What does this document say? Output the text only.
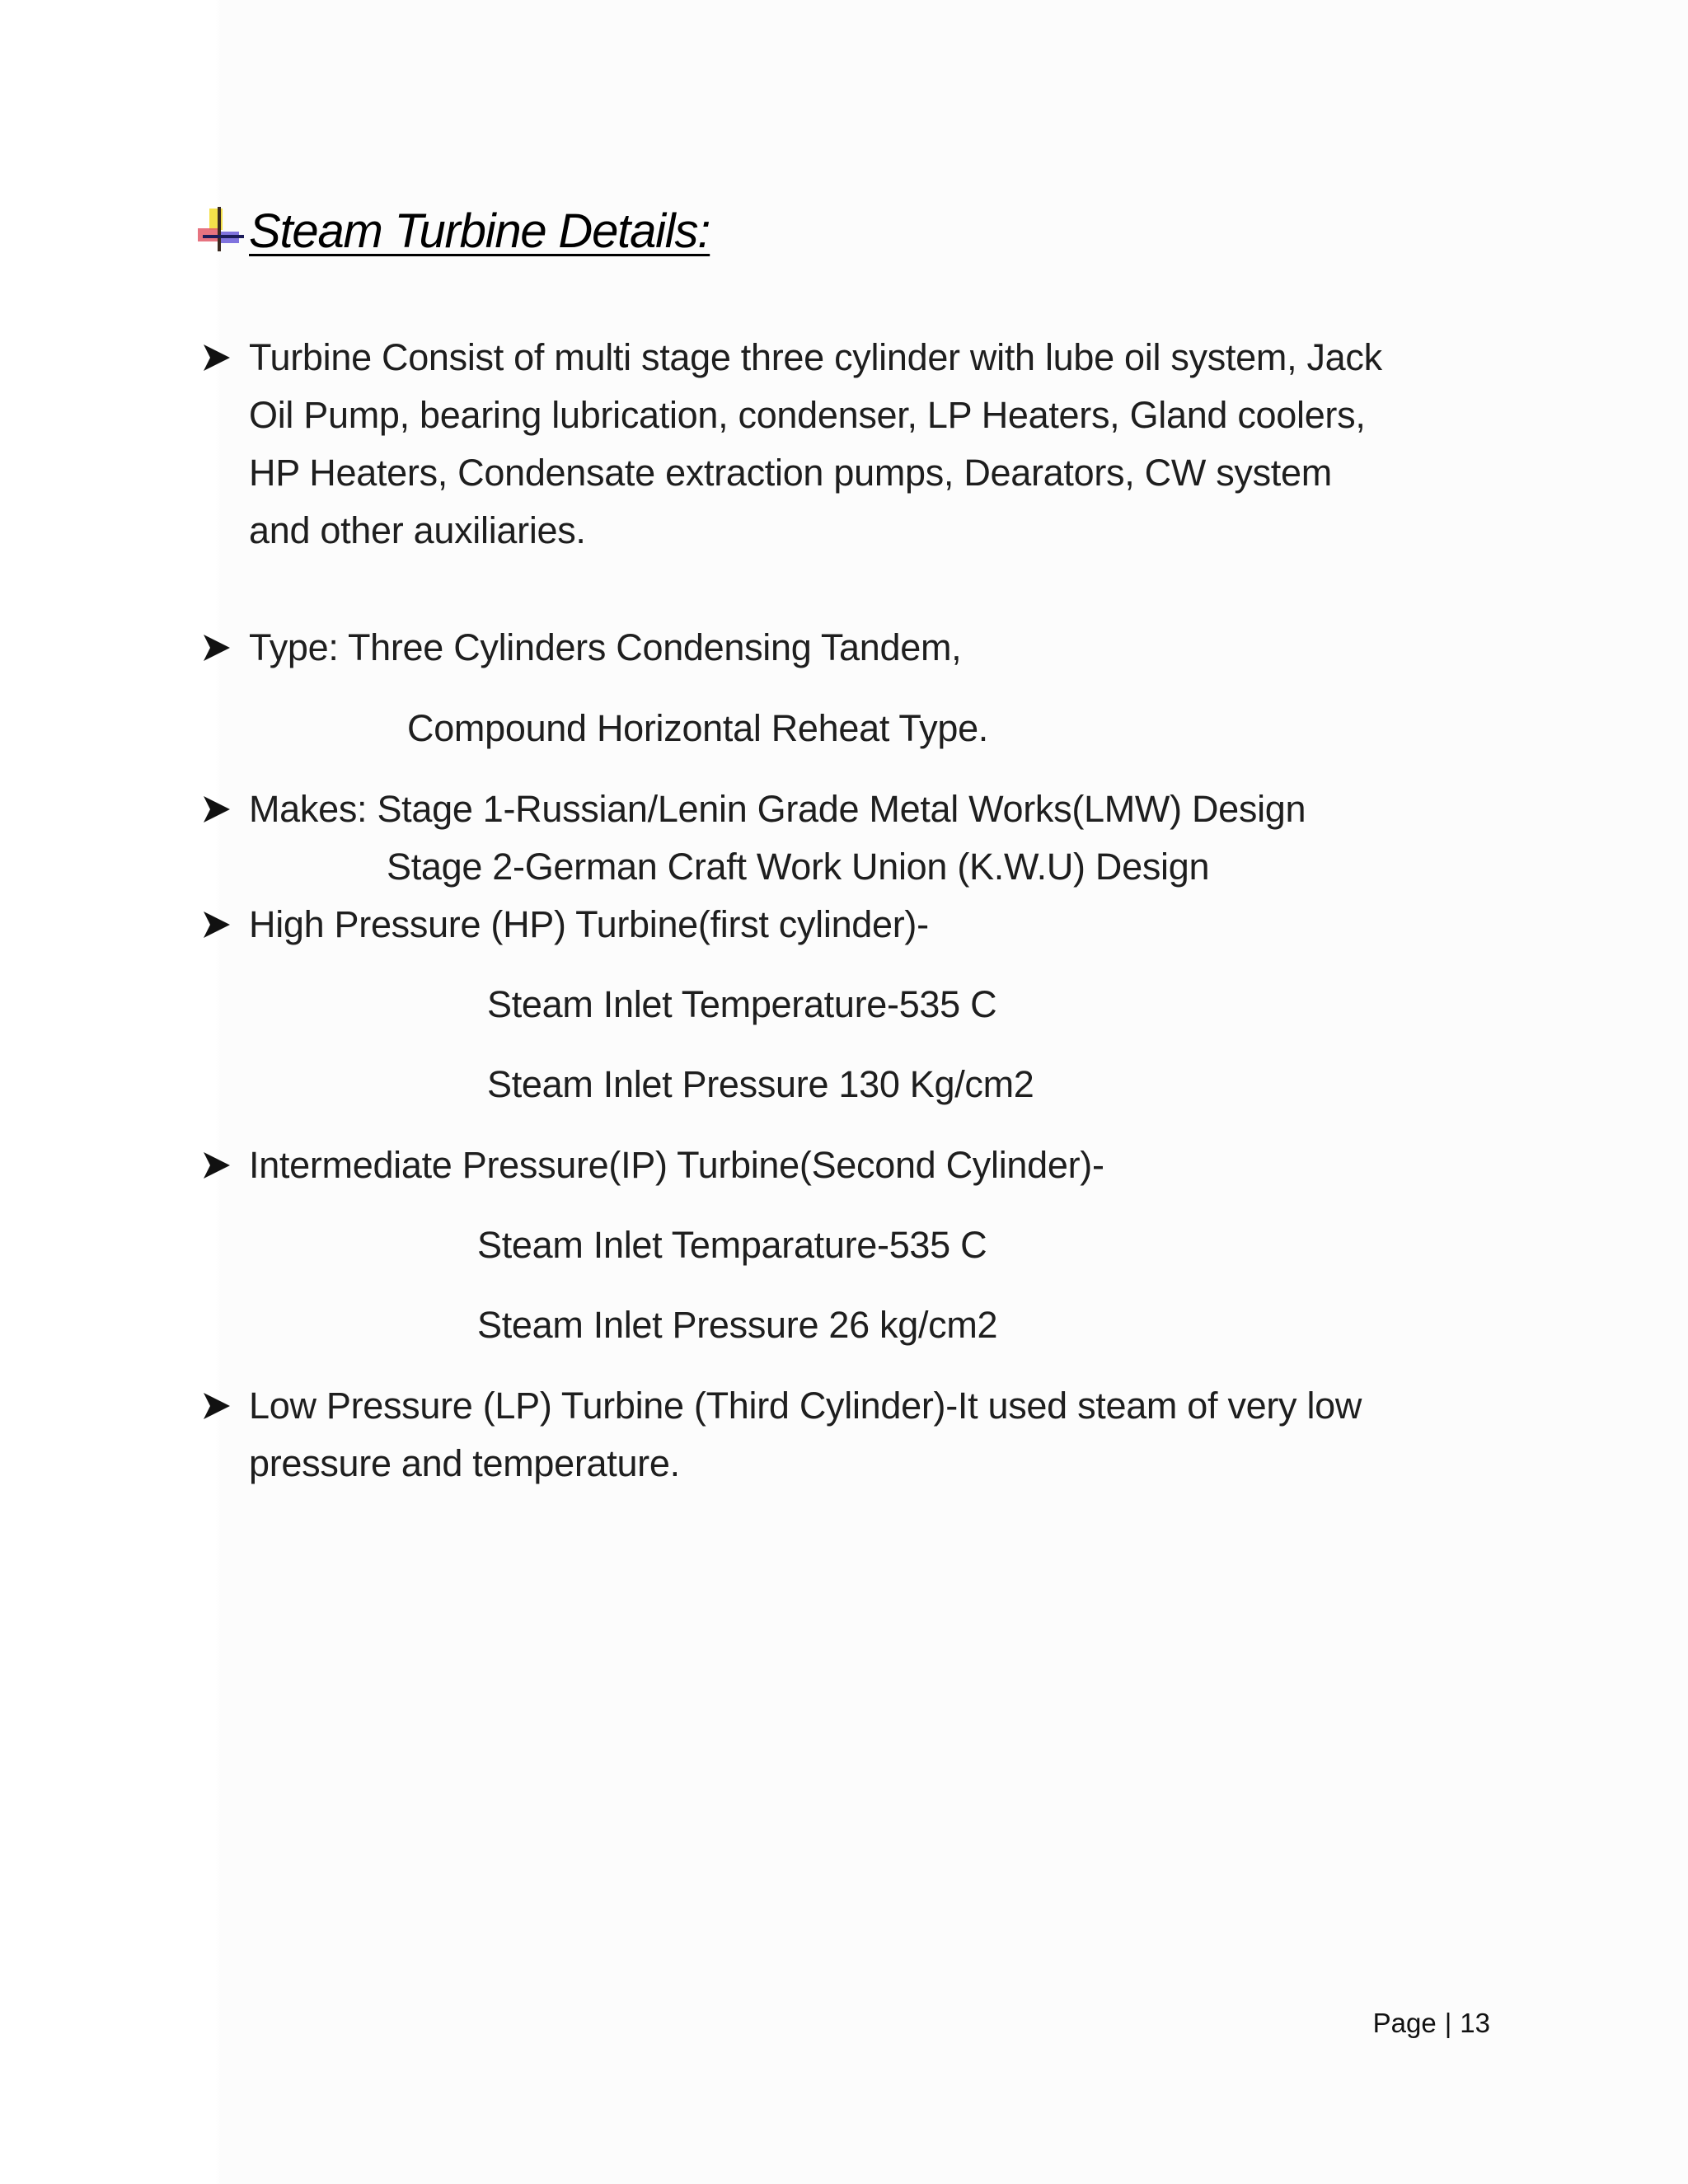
Steam Turbine Details:
Turbine Consist of multi stage three cylinder with lube oil system, Jack
Oil Pump, bearing lubrication, condenser, LP Heaters, Gland coolers,
HP Heaters, Condensate extraction pumps, Dearators, CW system
and other auxiliaries.
Type: Three Cylinders Condensing Tandem,
Compound Horizontal Reheat Type.
Makes: Stage 1-Russian/Lenin Grade Metal Works(LMW) Design
Stage 2-German Craft Work Union (K.W.U) Design
High Pressure (HP) Turbine(first cylinder)-
Steam Inlet Temperature-535 C
Steam Inlet Pressure 130 Kg/cm2
Intermediate Pressure(IP) Turbine(Second Cylinder)-
Steam Inlet Temparature-535 C
Steam Inlet Pressure 26 kg/cm2
Low Pressure (LP) Turbine (Third Cylinder)-It used steam of very low
pressure and temperature.
Page | 13
